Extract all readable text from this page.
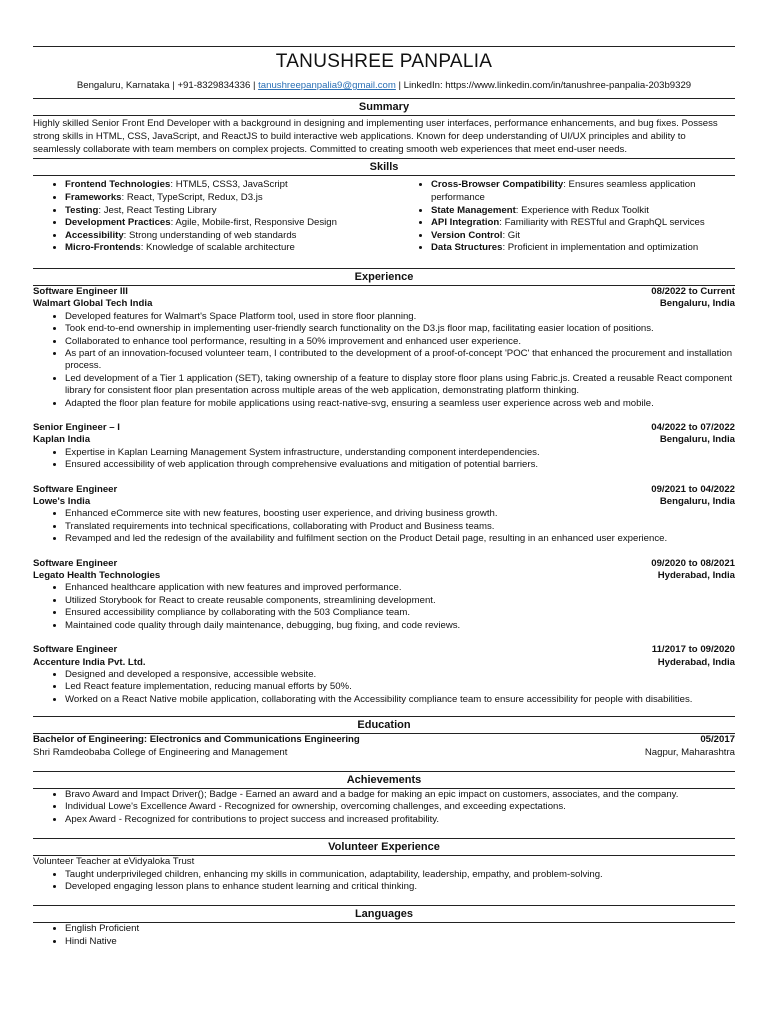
TANUSHREE PANPALIA
Bengaluru, Karnataka | +91-8329834336 | tanushreepanpalia9@gmail.com | LinkedIn: https://www.linkedin.com/in/tanushree-panpalia-203b9329
Summary
Highly skilled Senior Front End Developer with a background in designing and implementing user interfaces, performance enhancements, and bug fixes. Possess strong skills in HTML, CSS, JavaScript, and ReactJS to build interactive web applications. Known for deep understanding of UI/UX principles and ability to seamlessly collaborate with team members on complex projects. Committed to creating smooth web experiences that meet end-user needs.
Skills
• Frontend Technologies: HTML5, CSS3, JavaScript
• Frameworks: React, TypeScript, Redux, D3.js
• Testing: Jest, React Testing Library
• Development Practices: Agile, Mobile-first, Responsive Design
• Accessibility: Strong understanding of web standards
• Micro-Frontends: Knowledge of scalable architecture
• Cross-Browser Compatibility: Ensures seamless application performance
• State Management: Experience with Redux Toolkit
• API Integration: Familiarity with RESTful and GraphQL services
• Version Control: Git
• Data Structures: Proficient in implementation and optimization
Experience
Software Engineer III	08/2022 to Current
Walmart Global Tech India	Bengaluru, India
• Developed features for Walmart's Space Platform tool, used in store floor planning.
• Took end-to-end ownership in implementing user-friendly search functionality on the D3.js floor map, facilitating easier location of positions.
• Collaborated to enhance tool performance, resulting in a 50% improvement and enhanced user experience.
• As part of an innovation-focused volunteer team, I contributed to the development of a proof-of-concept 'POC' that enhanced the procurement and installation process.
• Led development of a Tier 1 application (SET), taking ownership of a feature to display store floor plans using Fabric.js. Created a reusable React component library for consistent floor plan presentation across multiple areas of the web application, demonstrating platform thinking.
• Adapted the floor plan feature for mobile applications using react-native-svg, ensuring a seamless user experience across web and mobile.
Senior Engineer – I	04/2022 to 07/2022
Kaplan India	Bengaluru, India
• Expertise in Kaplan Learning Management System infrastructure, understanding component interdependencies.
• Ensured accessibility of web application through comprehensive evaluations and mitigation of potential barriers.
Software Engineer	09/2021 to 04/2022
Lowe's India	Bengaluru, India
• Enhanced eCommerce site with new features, boosting user experience, and driving business growth.
• Translated requirements into technical specifications, collaborating with Product and Business teams.
• Revamped and led the redesign of the availability and fulfilment section on the Product Detail page, resulting in an enhanced user experience.
Software Engineer	09/2020 to 08/2021
Legato Health Technologies	Hyderabad, India
• Enhanced healthcare application with new features and improved performance.
• Utilized Storybook for React to create reusable components, streamlining development.
• Ensured accessibility compliance by collaborating with the 503 Compliance team.
• Maintained code quality through daily maintenance, debugging, bug fixing, and code reviews.
Software Engineer	11/2017 to 09/2020
Accenture India Pvt. Ltd.	Hyderabad, India
• Designed and developed a responsive, accessible website.
• Led React feature implementation, reducing manual efforts by 50%.
• Worked on a React Native mobile application, collaborating with the Accessibility compliance team to ensure accessibility for people with disabilities.
Education
Bachelor of Engineering: Electronics and Communications Engineering	05/2017
Shri Ramdeobaba College of Engineering and Management	Nagpur, Maharashtra
Achievements
• Bravo Award and Impact Driver(); Badge - Earned an award and a badge for making an epic impact on customers, associates, and the company.
• Individual Lowe's Excellence Award - Recognized for ownership, overcoming challenges, and exceeding expectations.
• Apex Award - Recognized for contributions to project success and increased profitability.
Volunteer Experience
Volunteer Teacher at eVidyaloka Trust
• Taught underprivileged children, enhancing my skills in communication, adaptability, leadership, empathy, and problem-solving.
• Developed engaging lesson plans to enhance student learning and critical thinking.
Languages
• English Proficient
• Hindi Native
